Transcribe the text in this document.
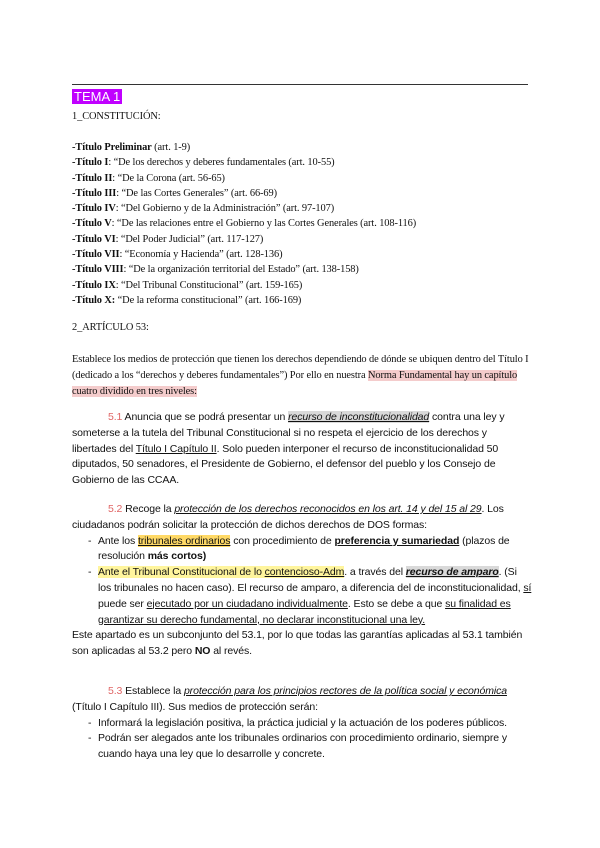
TEMA 1
1_CONSTITUCIÓN:
-Título Preliminar (art. 1-9)
-Título I: “De los derechos y deberes fundamentales (art. 10-55)
-Título II: “De la Corona (art. 56-65)
-Título III: “De las Cortes Generales” (art. 66-69)
-Título IV: “Del Gobierno y de la Administración” (art. 97-107)
-Título V: “De las relaciones entre el Gobierno y las Cortes Generales (art. 108-116)
-Título VI: “Del Poder Judicial” (art. 117-127)
-Título VII: “Economía y Hacienda” (art. 128-136)
-Título VIII: “De la organización territorial del Estado” (art. 138-158)
-Título IX: “Del Tribunal Constitucional” (art. 159-165)
-Título X: “De la reforma constitucional” (art. 166-169)
2_ARTÍCULO 53:
Establece los medios de protección que tienen los derechos dependiendo de dónde se ubiquen dentro del Título I (dedicado a los “derechos y deberes fundamentales”) Por ello en nuestra Norma Fundamental hay un capítulo cuatro dividido en tres niveles:
5.1 Anuncia que se podrá presentar un recurso de inconstitucionalidad contra una ley y someterse a la tutela del Tribunal Constitucional si no respeta el ejercicio de los derechos y libertades del Título I Capítulo II. Solo pueden interponer el recurso de inconstitucionalidad 50 diputados, 50 senadores, el Presidente de Gobierno, el defensor del pueblo y los Consejo de Gobierno de las CCAA.
5.2 Recoge la protección de los derechos reconocidos en los art. 14 y del 15 al 29. Los ciudadanos podrán solicitar la protección de dichos derechos de DOS formas:
- Ante los tribunales ordinarios con procedimiento de preferencia y sumariedad (plazos de resolución más cortos)
- Ante el Tribunal Constitucional de lo contencioso-Adm. a través del recurso de amparo. (Si los tribunales no hacen caso). El recurso de amparo, a diferencia del de inconstitucionalidad, sí puede ser ejecutado por un ciudadano individualmente. Esto se debe a que su finalidad es garantizar su derecho fundamental, no declarar inconstitucional una ley.
Este apartado es un subconjunto del 53.1, por lo que todas las garantías aplicadas al 53.1 también son aplicadas al 53.2 pero NO al revés.
5.3 Establece la protección para los principios rectores de la política social y económica (Título I Capítulo III). Sus medios de protección serán:
- Informará la legislación positiva, la práctica judicial y la actuación de los poderes públicos.
- Podrán ser alegados ante los tribunales ordinarios con procedimiento ordinario, siempre y cuando haya una ley que lo desarrolle y concrete.
